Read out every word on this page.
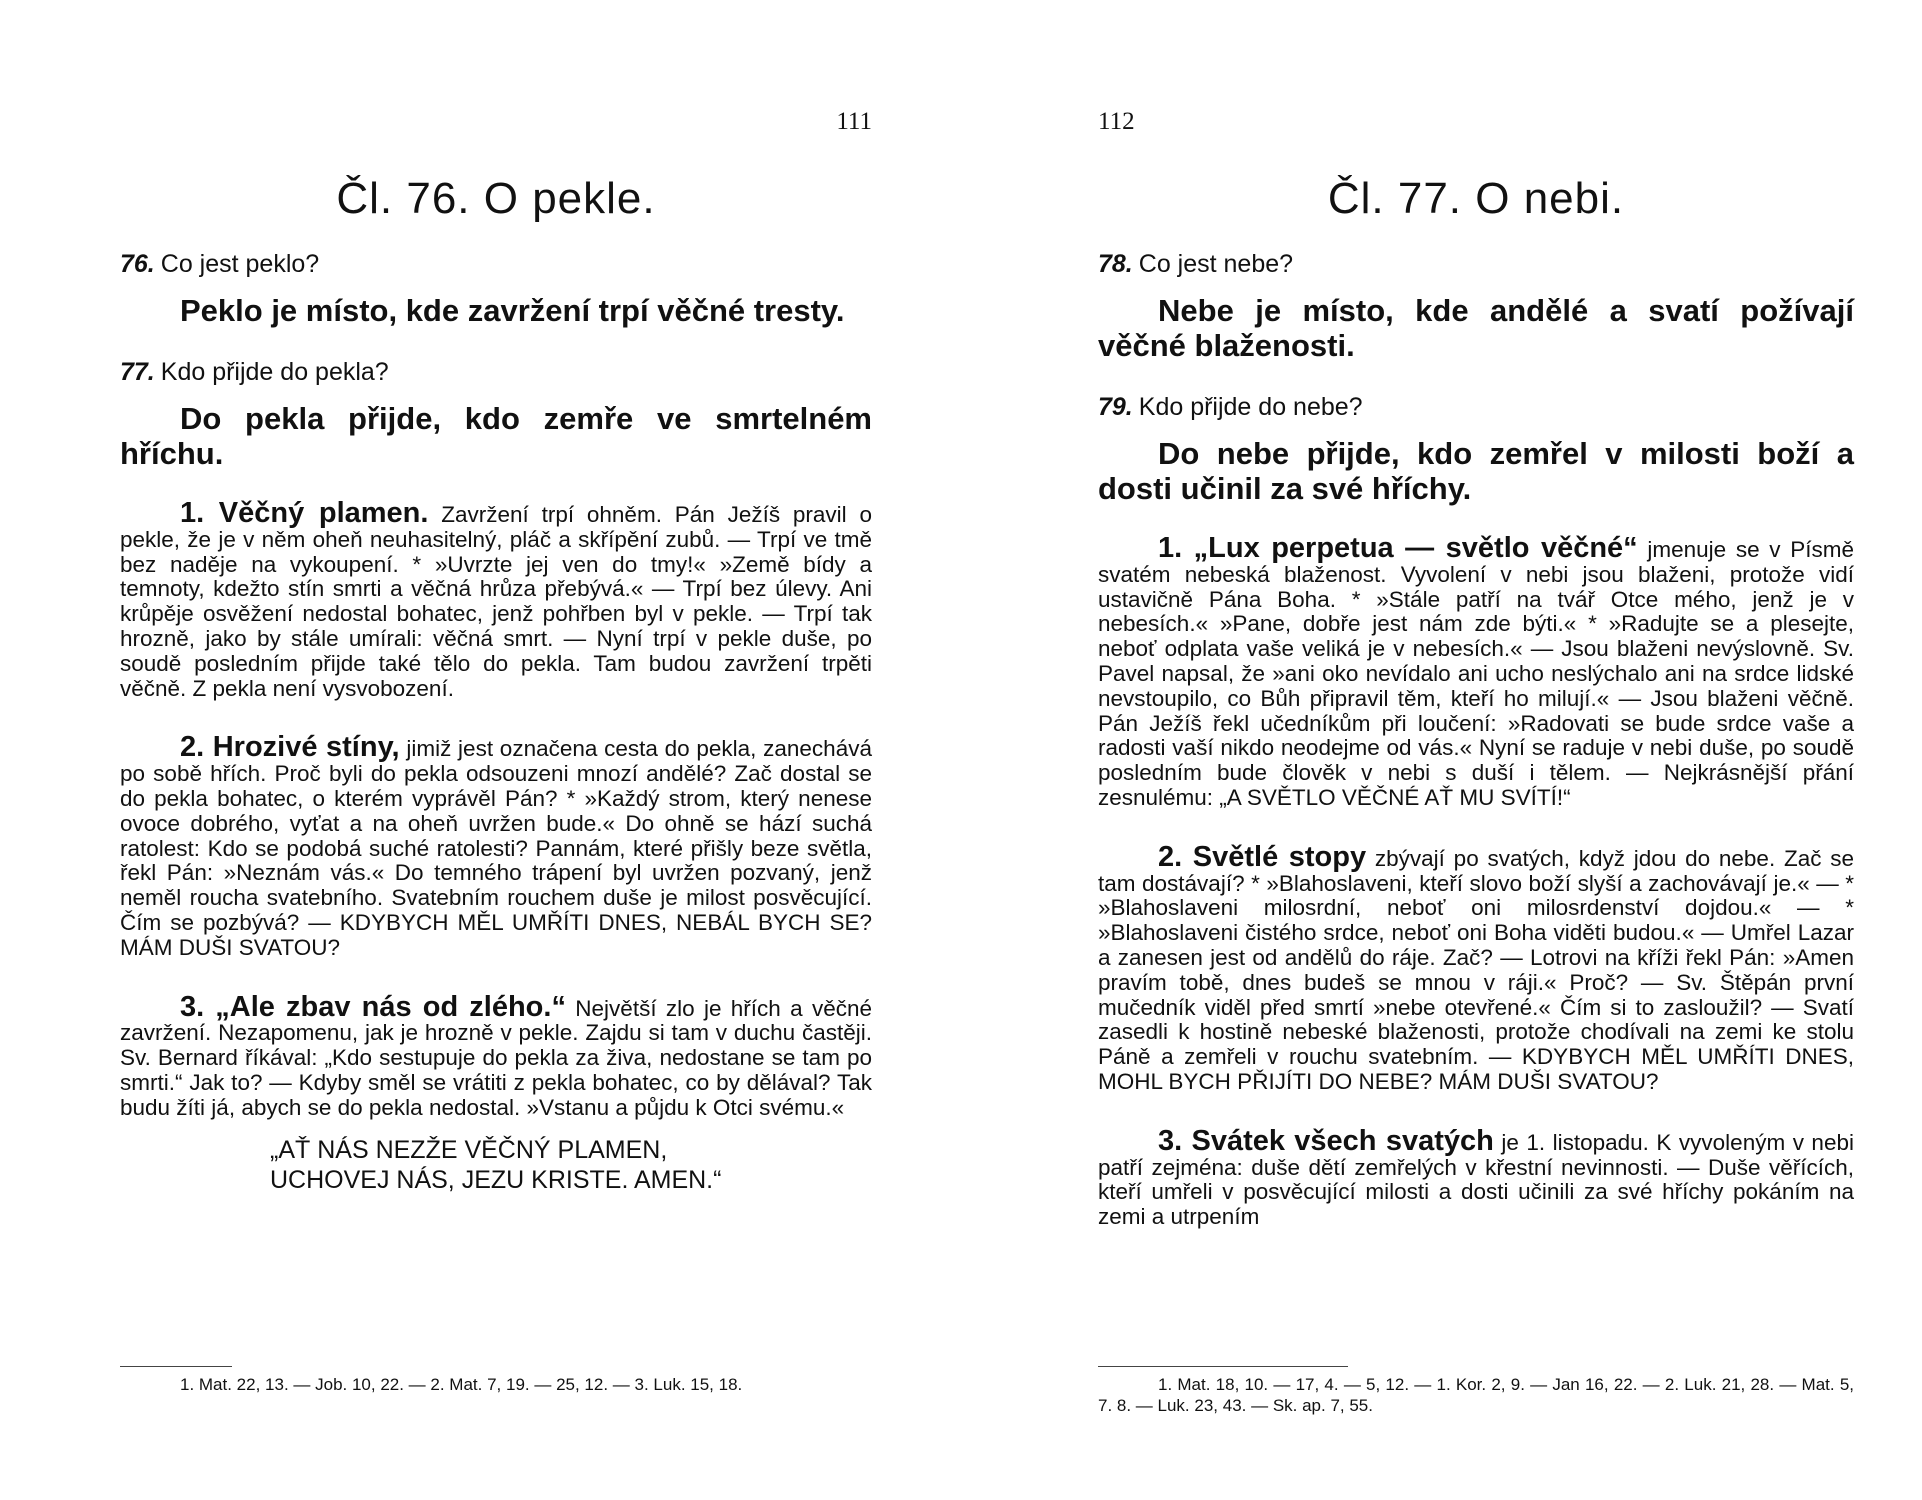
111
Čl. 76. O pekle.
76. Co jest peklo?
Peklo je místo, kde zavržení trpí věčné tresty.
77. Kdo přijde do pekla?
Do pekla přijde, kdo zemře ve smrtelném hříchu.

1. Věčný plamen. Zavržení trpí ohněm. Pán Ježíš pravil o pekle, že je v něm oheň neuhasitelný, pláč a skřípění zubů. — Trpí ve tmě bez naděje na vykoupení. * »Uvrzte jej ven do tmy!« »Země bídy a temnoty, kdežto stín smrti a věčná hrůza přebývá.« — Trpí bez úlevy. Ani krůpěje osvěžení nedostal bohatec, jenž pohřben byl v pekle. — Trpí tak hrozně, jako by stále umírali: věčná smrt. — Nyní trpí v pekle duše, po soudě posledním přijde také tělo do pekla. Tam budou zavržení trpěti věčně. Z pekla není vysvobození.

2. Hrozivé stíny, jimiž jest označena cesta do pekla, zanechává po sobě hřích. Proč byli do pekla odsouzeni mnozí andělé? Zač dostal se do pekla bohatec, o kterém vyprávěl Pán? * »Každý strom, který nenese ovoce dobrého, vyťat a na oheň uvržen bude.« Do ohně se hází suchá ratolest: Kdo se podobá suché ratolesti? Pannám, které přišly beze světla, řekl Pán: »Neznám vás.« Do temného trápení byl uvržen pozvaný, jenž neměl roucha svatebního. Svatebním rouchem duše je milost posvěcující. Čím se pozbývá? — KDYBYCH MĚL UMŘÍTI DNES, NEBÁL BYCH SE? MÁM DUŠI SVATOU?

3. „Ale zbav nás od zlého.“ Největší zlo je hřích a věčné zavržení. Nezapomenu, jak je hrozně v pekle. Zajdu si tam v duchu častěji. Sv. Bernard říkával: „Kdo sestupuje do pekla za živa, nedostane se tam po smrti.“ Jak to? — Kdyby směl se vrátiti z pekla bohatec, co by dělával? Tak budu žíti já, abych se do pekla nedostal. »Vstanu a půjdu k Otci svému.«

„AŤ NÁS NEZŽE VĚČNÝ PLAMEN,
UCHOVEJ NÁS, JEZU KRISTE. AMEN.“
1. Mat. 22, 13. — Job. 10, 22. — 2. Mat. 7, 19. — 25, 12. — 3. Luk. 15, 18.
112
Čl. 77. O nebi.
78. Co jest nebe?
Nebe je místo, kde andělé a svatí požívají věčné blaženosti.
79. Kdo přijde do nebe?
Do nebe přijde, kdo zemřel v milosti boží a dosti učinil za své hříchy.

1. „Lux perpetua — světlo věčné“ jmenuje se v Písmě svatém nebeská blaženost. Vyvolení v nebi jsou blaženi, protože vidí ustavičně Pána Boha. * »Stále patří na tvář Otce mého, jenž je v nebesích.« »Pane, dobře jest nám zde býti.« * »Radujte se a plesejte, neboť odplata vaše veliká je v nebesích.« — Jsou blaženi nevýslovně. Sv. Pavel napsal, že »ani oko nevídalo ani ucho neslýchalo ani na srdce lidské nevstoupilo, co Bůh připravil těm, kteří ho milují.« — Jsou blaženi věčně. Pán Ježíš řekl učedníkům při loučení: »Radovati se bude srdce vaše a radosti vaší nikdo neodejme od vás.« Nyní se raduje v nebi duše, po soudě posledním bude člověk v nebi s duší i tělem. — Nejkrásnější přání zesnulému: „A SVĚTLO VĚČNÉ AŤ MU SVÍTÍ!“

2. Světlé stopy zbývají po svatých, když jdou do nebe. Zač se tam dostávají? * »Blahoslaveni, kteří slovo boží slyší a zachovávají je.« — * »Blahoslaveni milosrdní, neboť oni milosrdenství dojdou.« — * »Blahoslaveni čistého srdce, neboť oni Boha viděti budou.« — Umřel Lazar a zanesen jest od andělů do ráje. Zač? — Lotrovi na kříži řekl Pán: »Amen pravím tobě, dnes budeš se mnou v ráji.« Proč? — Sv. Štěpán první mučedník viděl před smrtí »nebe otevřené.« Čím si to zasloužil? — Svatí zasedli k hostině nebeské blaženosti, protože chodívali na zemi ke stolu Páně a zemřeli v rouchu svatebním. — KDYBYCH MĚL UMŘÍTI DNES, MOHL BYCH PŘIJÍTI DO NEBE? MÁM DUŠI SVATOU?

3. Svátek všech svatých je 1. listopadu. K vyvoleným v nebi patří zejména: duše dětí zemřelých v křestní nevinnosti. — Duše věřících, kteří umřeli v posvěcující milosti a dosti učinili za své hříchy pokáním na zemi a utrpením

1. Mat. 18, 10. — 17, 4. — 5, 12. — 1. Kor. 2, 9. — Jan 16, 22. — 2. Luk. 21, 28. — Mat. 5, 7. 8. — Luk. 23, 43. — Sk. ap. 7, 55.
